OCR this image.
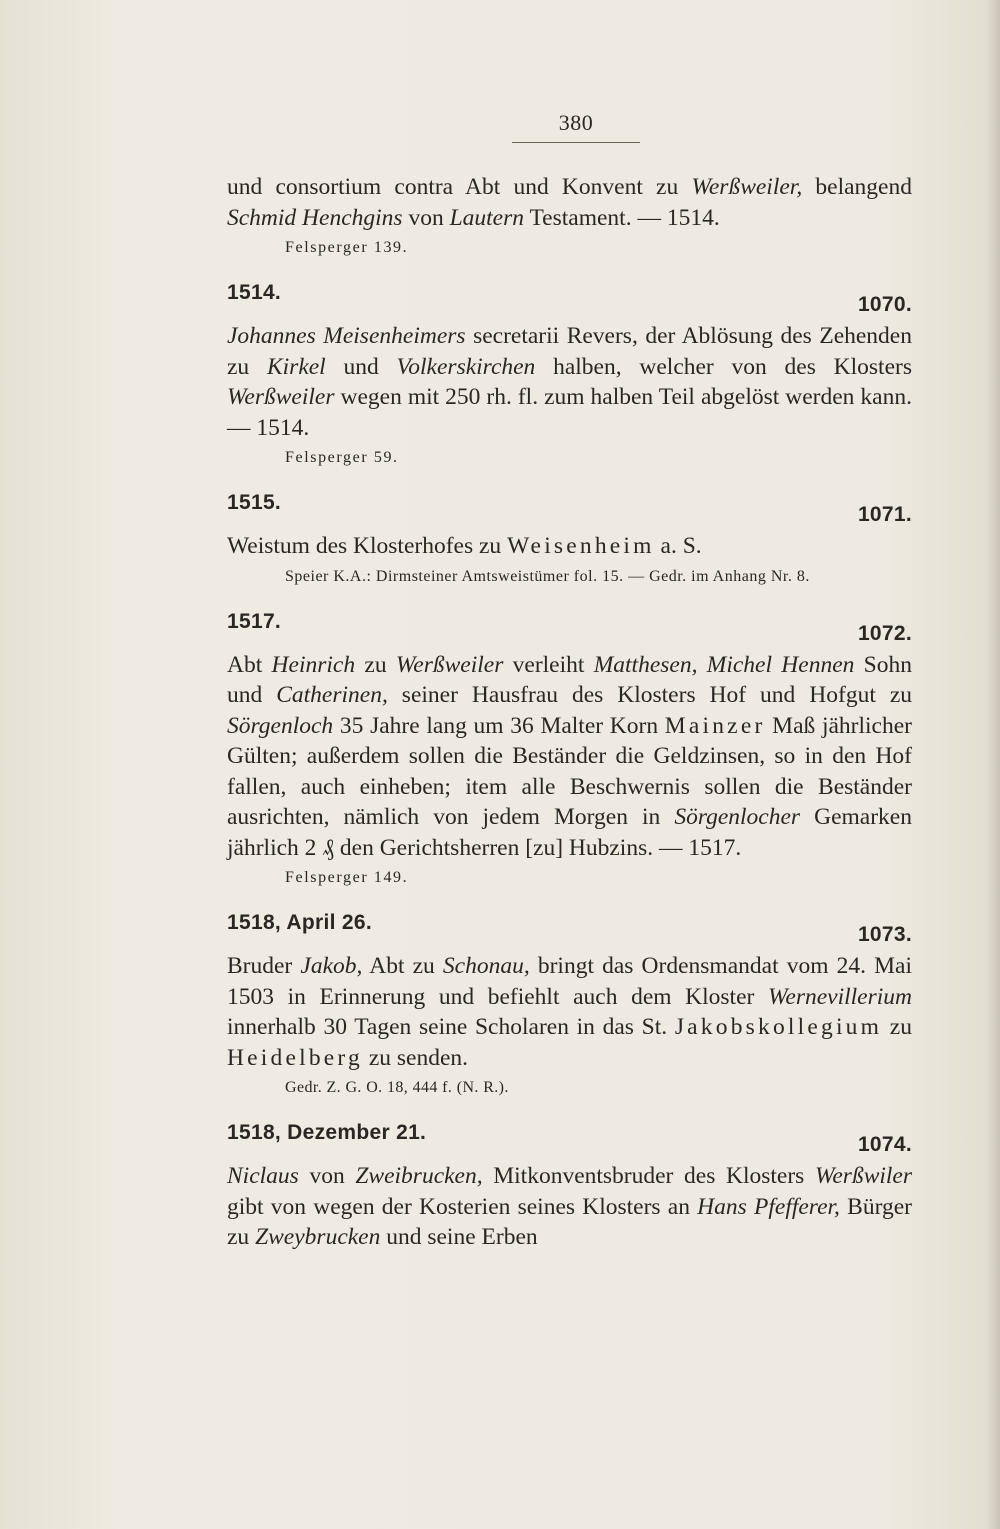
380

und consortium contra Abt und Konvent zu Werßweiler, belangend Schmid Henchgins von Lautern Testament. — 1514.

Felsperger 139.

1514.
1070.

Johannes Meisenheimers secretarii Revers, der Ablösung des Zehenden zu Kirkel und Volkerskirchen halben, welcher von des Klosters Werßweiler wegen mit 250 rh. fl. zum halben Teil abgelöst werden kann. — 1514.

Felsperger 59.

1515.
1071.

Weistum des Klosterhofes zu Weisenheim a. S.

Speier K.A.: Dirmsteiner Amtsweistümer fol. 15. — Gedr. im Anhang Nr. 8.

1517.
1072.

Abt Heinrich zu Werßweiler verleiht Matthesen, Michel Hennen Sohn und Catherinen, seiner Hausfrau des Klosters Hof und Hofgut zu Sörgenloch 35 Jahre lang um 36 Malter Korn Mainzer Maß jährlicher Gülten; außerdem sollen die Beständer die Geldzinsen, so in den Hof fallen, auch einheben; item alle Beschwernis sollen die Beständer ausrichten, nämlich von jedem Morgen in Sörgenlocher Gemarken jährlich 2 ₰ den Gerichtsherren [zu] Hubzins. — 1517.

Felsperger 149.

1518, April 26.
1073.

Bruder Jakob, Abt zu Schonau, bringt das Ordensmandat vom 24. Mai 1503 in Erinnerung und befiehlt auch dem Kloster Wernevillerium innerhalb 30 Tagen seine Scholaren in das St. Jakobskollegium zu Heidelberg zu senden.

Gedr. Z. G. O. 18, 444 f. (N. R.).

1518, Dezember 21.
1074.

Niclaus von Zweibrucken, Mitkonventsbruder des Klosters Werßwiler gibt von wegen der Kosterien seines Klosters an Hans Pfefferer, Bürger zu Zweybrucken und seine Erben
